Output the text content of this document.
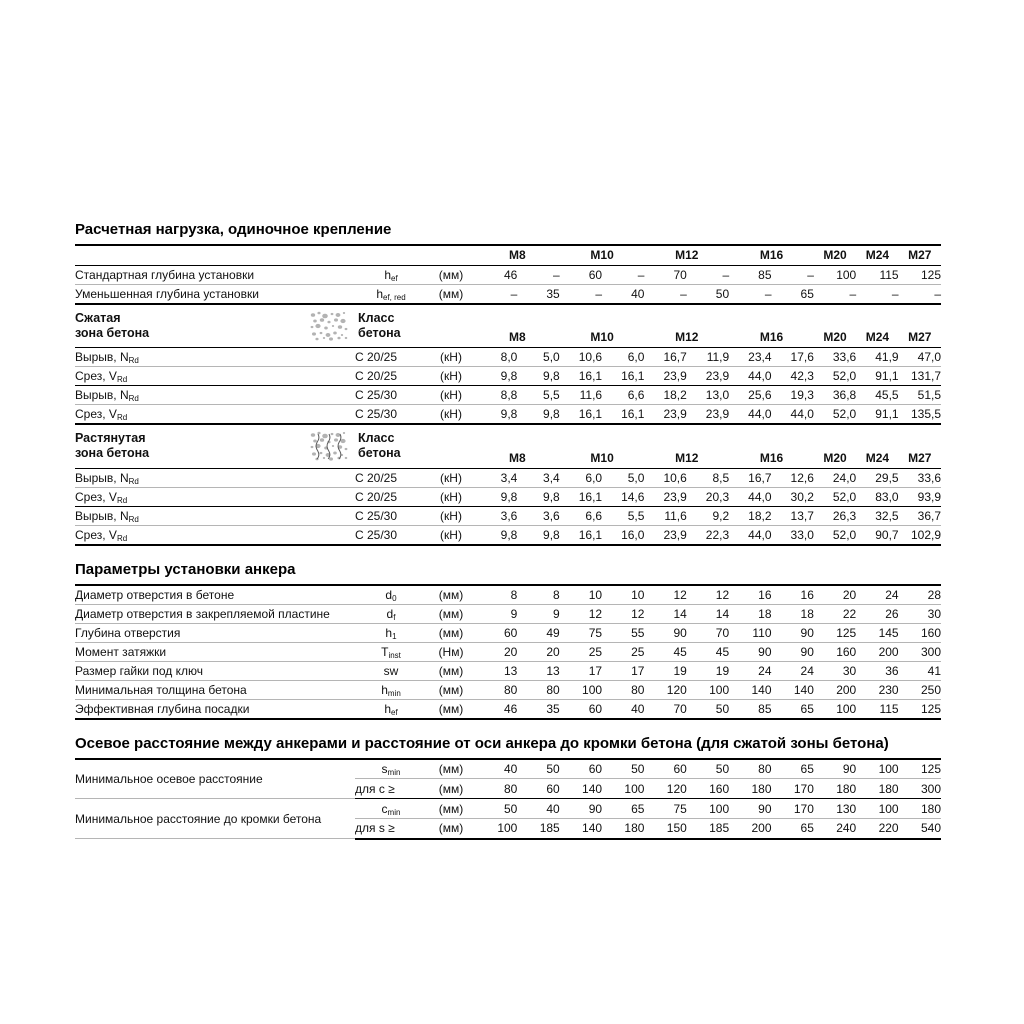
Расчетная нагрузка, одиночное крепление
			M8		M10		M12		M16		M20	M24	M27
Стандартная глубина установки	$h_{ef}$	(мм)	46	–	60	–	70	–	85	–	100	115	125
Уменьшенная глубина установки	$h_{ef, red}$	(мм)	–	35	–	40	–	50	–	65	–	–	–

Сжатая
зона бетона

Класс
бетона	M8	M10	M12	M16	M20	M24	M27
Вырыв, $N_{Rd}$	C 20/25	(кН)	8,0	5,0	10,6	6,0	16,7	11,9	23,4	17,6	33,6	41,9	47,0
Срез, $V_{Rd}$	C 20/25	(кН)	9,8	9,8	16,1	16,1	23,9	23,9	44,0	42,3	52,0	91,1	131,7
Вырыв, $N_{Rd}$	C 25/30	(кН)	8,8	5,5	11,6	6,6	18,2	13,0	25,6	19,3	36,8	45,5	51,5
Срез, $V_{Rd}$	C 25/30	(кН)	9,8	9,8	16,1	16,1	23,9	23,9	44,0	44,0	52,0	91,1	135,5

Растянутая
зона бетона

Класс
бетона	M8	M10	M12	M16	M20	M24	M27
Вырыв, $N_{Rd}$	C 20/25	(кН)	3,4	3,4	6,0	5,0	10,6	8,5	16,7	12,6	24,0	29,5	33,6
Срез, $V_{Rd}$	C 20/25	(кН)	9,8	9,8	16,1	14,6	23,9	20,3	44,0	30,2	52,0	83,0	93,9
Вырыв, $N_{Rd}$	C 25/30	(кН)	3,6	3,6	6,6	5,5	11,6	9,2	18,2	13,7	26,3	32,5	36,7
Срез, $V_{Rd}$	C 25/30	(кН)	9,8	9,8	16,1	16,0	23,9	22,3	44,0	33,0	52,0	90,7	102,9
Параметры установки анкера
Диаметр отверстия в бетоне	$d_0$	(мм)	8	8	10	10	12	12	16	16	20	24	28
Диаметр отверстия в закрепляемой пластине	$d_f$	(мм)	9	9	12	12	14	14	18	18	22	26	30
Глубина отверстия	$h_1$	(мм)	60	49	75	55	90	70	110	90	125	145	160
Момент затяжки	$T_{inst}$	(Нм)	20	20	25	25	45	45	90	90	160	200	300
Размер гайки под ключ	sw	(мм)	13	13	17	17	19	19	24	24	30	36	41
Минимальная толщина бетона	$h_{min}$	(мм)	80	80	100	80	120	100	140	140	200	230	250
Эффективная глубина посадки	$h_{ef}$	(мм)	46	35	60	40	70	50	85	65	100	115	125
Осевое расстояние между анкерами и расстояние от оси анкера до кромки бетона (для сжатой зоны бетона)
Минимальное осевое расстояние	$s_{min}$	(мм)	40	50	60	50	60	50	80	65	90	100	125
	для c ≥	(мм)	80	60	140	100	120	160	180	170	180	180	300
Минимальное расстояние до кромки бетона	$c_{min}$	(мм)	50	40	90	65	75	100	90	170	130	100	180
	для s ≥	(мм)	100	185	140	180	150	185	200	65	240	220	540
